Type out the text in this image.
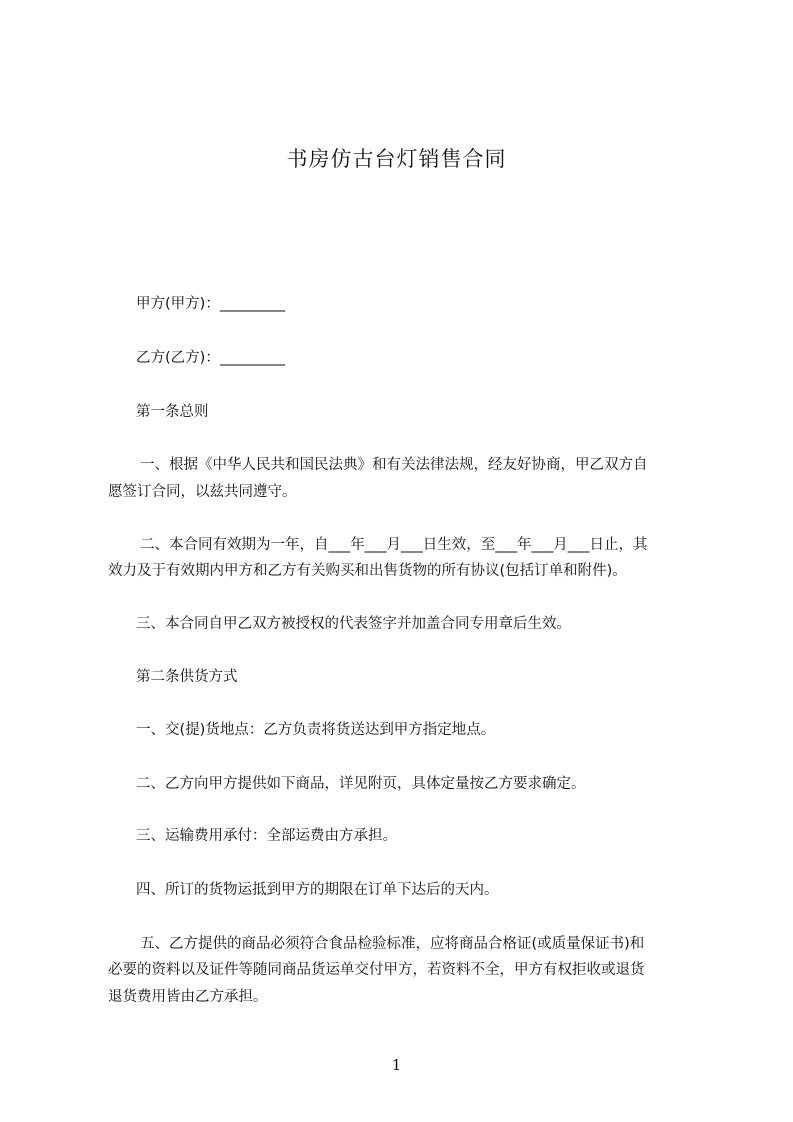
书房仿古台灯销售合同
甲方(甲方)：_________
乙方(乙方)：_________
第一条总则
一、根据《中华人民共和国民法典》和有关法律法规，经友好协商，甲乙双方自
愿签订合同，以兹共同遵守。
二、本合同有效期为一年，自___年___月___日生效，至___年___月___日止，其
效力及于有效期内甲方和乙方有关购买和出售货物的所有协议(包括订单和附件)。
三、本合同自甲乙双方被授权的代表签字并加盖合同专用章后生效。
第二条供货方式
一、交(提)货地点：乙方负责将货送达到甲方指定地点。
二、乙方向甲方提供如下商品，详见附页，具体定量按乙方要求确定。
三、运输费用承付：全部运费由方承担。
四、所订的货物运抵到甲方的期限在订单下达后的天内。
五、乙方提供的商品必须符合食品检验标准，应将商品合格证(或质量保证书)和
必要的资料以及证件等随同商品货运单交付甲方，若资料不全，甲方有权拒收或退货
退货费用皆由乙方承担。
1
